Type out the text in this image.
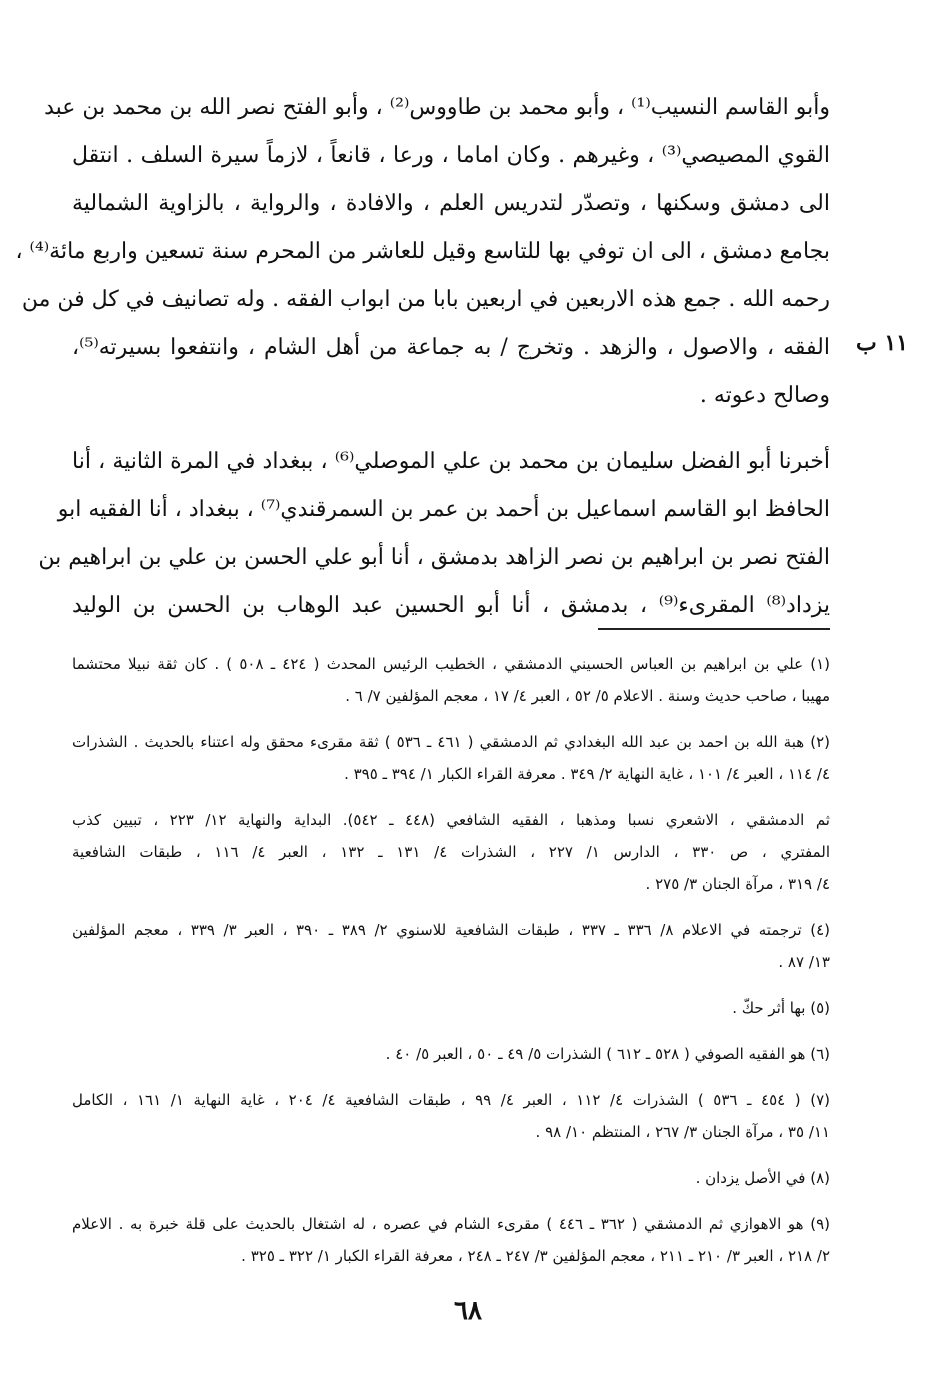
وأبو القاسم النسيب⁽¹⁾ ، وأبو محمد بن طاووس⁽²⁾ ، وأبو الفتح نصر الله بن محمد بن عبد
القوي المصيصي⁽³⁾ ، وغيرهم . وكان اماما ، ورعا ، قانعاً ، لازماً سيرة السلف . انتقل
الى دمشق وسكنها ، وتصدّر لتدريس العلم ، والافادة ، والرواية ، بالزاوية الشمالية
بجامع دمشق ، الى ان توفي بها للتاسع وقيل للعاشر من المحرم سنة تسعين واربع مائة⁽⁴⁾ ،
رحمه الله . جمع هذه الاربعين في اربعين بابا من ابواب الفقه . وله تصانيف في كل فن من
الفقه ، والاصول ، والزهد . وتخرج / به جماعة من أهل الشام ، وانتفعوا بسيرته⁽⁵⁾،
وصالح دعوته .
أخبرنا أبو الفضل سليمان بن محمد بن علي الموصلي⁽⁶⁾ ، ببغداد في المرة الثانية ، أنا
الحافظ ابو القاسم اسماعيل بن أحمد بن عمر بن السمرقندي⁽⁷⁾ ، ببغداد ، أنا الفقيه ابو
الفتح نصر بن ابراهيم بن نصر الزاهد بدمشق ، أنا أبو علي الحسن بن علي بن ابراهيم بن
يزداد⁽⁸⁾ المقرىء⁽⁹⁾ ، بدمشق ، أنا أبو الحسين عبد الوهاب بن الحسن بن الوليد
١١ ب
(١) علي بن ابراهيم بن العباس الحسيني الدمشقي ، الخطيب الرئيس المحدث ( ٤٢٤ ـ ٥٠٨ ) . كان ثقة نبيلا محتشما
مهيبا ، صاحب حديث وسنة . الاعلام ٥/ ٥٢ ، العبر ٤/ ١٧ ، معجم المؤلفين ٧/ ٦ .
(٢) هبة الله بن احمد بن عبد الله البغدادي ثم الدمشقي ( ٤٦١ ـ ٥٣٦ ) ثقة مقرىء محقق وله اعتناء بالحديث . الشذرات
٤/ ١١٤ ، العبر ٤/ ١٠١ ، غاية النهاية ٢/ ٣٤٩ . معرفة القراء الكبار ١/ ٣٩٤ ـ ٣٩٥ .
ثم الدمشقي ، الاشعري نسبا ومذهبا ، الفقيه الشافعي (٤٤٨ ـ ٥٤٢). البداية والنهاية ١٢/ ٢٢٣ ، تبيين كذب
المفتري ، ص ٣٣٠ ، الدارس ١/ ٢٢٧ ، الشذرات ٤/ ١٣١ ـ ١٣٢ ، العبر ٤/ ١١٦ ، طبقات الشافعية
٤/ ٣١٩ ، مرآة الجنان ٣/ ٢٧٥ .
(٤) ترجمته في الاعلام ٨/ ٣٣٦ ـ ٣٣٧ ، طبقات الشافعية للاسنوي ٢/ ٣٨٩ ـ ٣٩٠ ، العبر ٣/ ٣٣٩ ، معجم المؤلفين
١٣/ ٨٧ .
(٥) بها أثر حكّ .
(٦) هو الفقيه الصوفي ( ٥٢٨ ـ ٦١٢ ) الشذرات ٥/ ٤٩ ـ ٥٠ ، العبر ٥/ ٤٠ .
(٧) ( ٤٥٤ ـ ٥٣٦ ) الشذرات ٤/ ١١٢ ، العبر ٤/ ٩٩ ، طبقات الشافعية ٤/ ٢٠٤ ، غاية النهاية ١/ ١٦١ ، الكامل
١١/ ٣٥ ، مرآة الجنان ٣/ ٢٦٧ ، المنتظم ١٠/ ٩٨ .
(٨) في الأصل يزدان .
(٩) هو الاهوازي ثم الدمشقي ( ٣٦٢ ـ ٤٤٦ ) مقرىء الشام في عصره ، له اشتغال بالحديث على قلة خبرة به . الاعلام
٢/ ٢١٨ ، العبر ٣/ ٢١٠ ـ ٢١١ ، معجم المؤلفين ٣/ ٢٤٧ ـ ٢٤٨ ، معرفة القراء الكبار ١/ ٣٢٢ ـ ٣٢٥ .
٦٨
